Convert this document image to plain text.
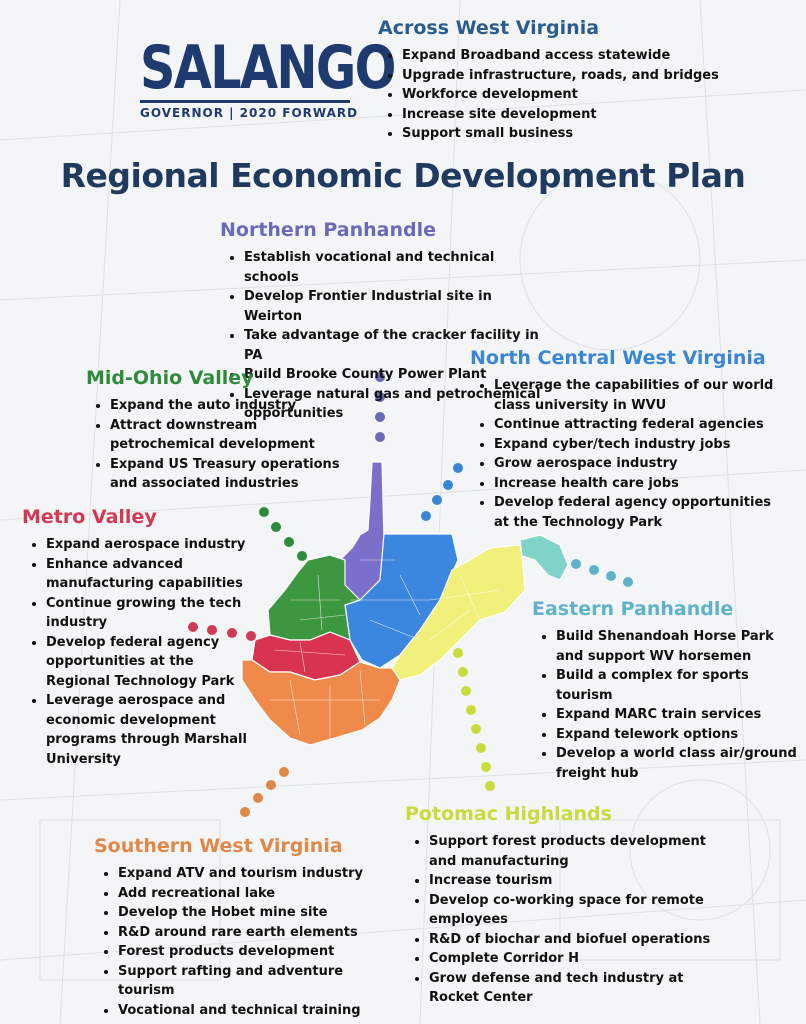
SALANGO
GOVERNOR | 2020 FORWARD
Regional Economic Development Plan
Across West Virginia
• Expand Broadband access statewide
• Upgrade infrastructure, roads, and bridges
• Workforce development
• Increase site development
• Support small business
Northern Panhandle
• Establish vocational and technical schools
• Develop Frontier Industrial site in Weirton
• Take advantage of the cracker facility in PA
• Build Brooke County Power Plant
• Leverage natural gas and petrochemical opportunities
North Central West Virginia
• Leverage the capabilities of our world class university in WVU
• Continue attracting federal agencies
• Expand cyber/tech industry jobs
• Grow aerospace industry
• Increase health care jobs
• Develop federal agency opportunities at the Technology Park
Mid-Ohio Valley
• Expand the auto industry
• Attract downstream petrochemical development
• Expand US Treasury operations and associated industries
Metro Valley
• Expand aerospace industry
• Enhance advanced manufacturing capabilities
• Continue growing the tech industry
• Develop federal agency opportunities at the Regional Technology Park
• Leverage aerospace and economic development programs through Marshall University
Eastern Panhandle
• Build Shenandoah Horse Park and support WV horsemen
• Build a complex for sports tourism
• Expand MARC train services
• Expand telework options
• Develop a world class air/ground freight hub
Potomac Highlands
• Support forest products development and manufacturing
• Increase tourism
• Develop co-working space for remote employees
• R&D of biochar and biofuel operations
• Complete Corridor H
• Grow defense and tech industry at Rocket Center
Southern West Virginia
• Expand ATV and tourism industry
• Add recreational lake
• Develop the Hobet mine site
• R&D around rare earth elements
• Forest products development
• Support rafting and adventure tourism
• Vocational and technical training
